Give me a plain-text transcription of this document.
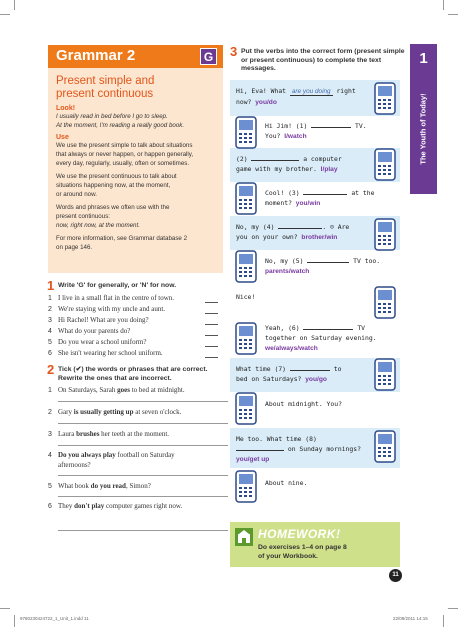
Grammar 2	G
Present simple and
present continuous
Look!
I usually read in bed before I go to sleep.
At the moment, I'm reading a really good book.
Use
We use the present simple to talk about situations
that always or never happen, or happen generally,
every day, regularly, usually, often or sometimes.
We use the present continuous to talk about
situations happening now, at the moment,
or around now.
Words and phrases we often use with the
present continuous:
now, right now, at the moment.
For more information, see Grammar database 2
on page 146.
1 Write 'G' for generally, or 'N' for now.
1 I live in a small flat in the centre of town.
2 We're staying with my uncle and aunt.
3 Hi Rachel! What are you doing?
4 What do your parents do?
5 Do you wear a school uniform?
6 She isn't wearing her school uniform.
2 Tick (✔) the words or phrases that are correct.
Rewrite the ones that are incorrect.
1 On Saturdays, Sarah goes to bed at midnight.
2 Gary is usually getting up at seven o'clock.
3 Laura brushes her teeth at the moment.
4 Do you always play football on Saturday
afternoons?
5 What book do you read, Simon?
6 They don't play computer games right now.
3 Put the verbs into the correct form (present simple or present continuous) to complete the text messages.
Hi, Eva! What are you doing right
now? you/do
Hi Jim! (1)	TV.
You? I/watch
(2)	a computer
game with my brother. I/play
Cool! (3)	at the
moment? you/win
No, my (4)	. ☺ Are
you on your own? brother/win
No, my (5)	TV too.
parents/watch
Nice!
Yeah, (6)	TV
together on Saturday evening.
we/always/watch
What time (7)	to
bed on Saturdays? you/go
About midnight. You?
Me too. What time (8)
on Sunday mornings?
you/get up
About nine.
1
The Youth of Today!
HOMEWORK!
Do exercises 1–4 on page 8
of your Workbook.
11
9780230424722_1_Unit_1.indd 11	22/09/2011 14:15
